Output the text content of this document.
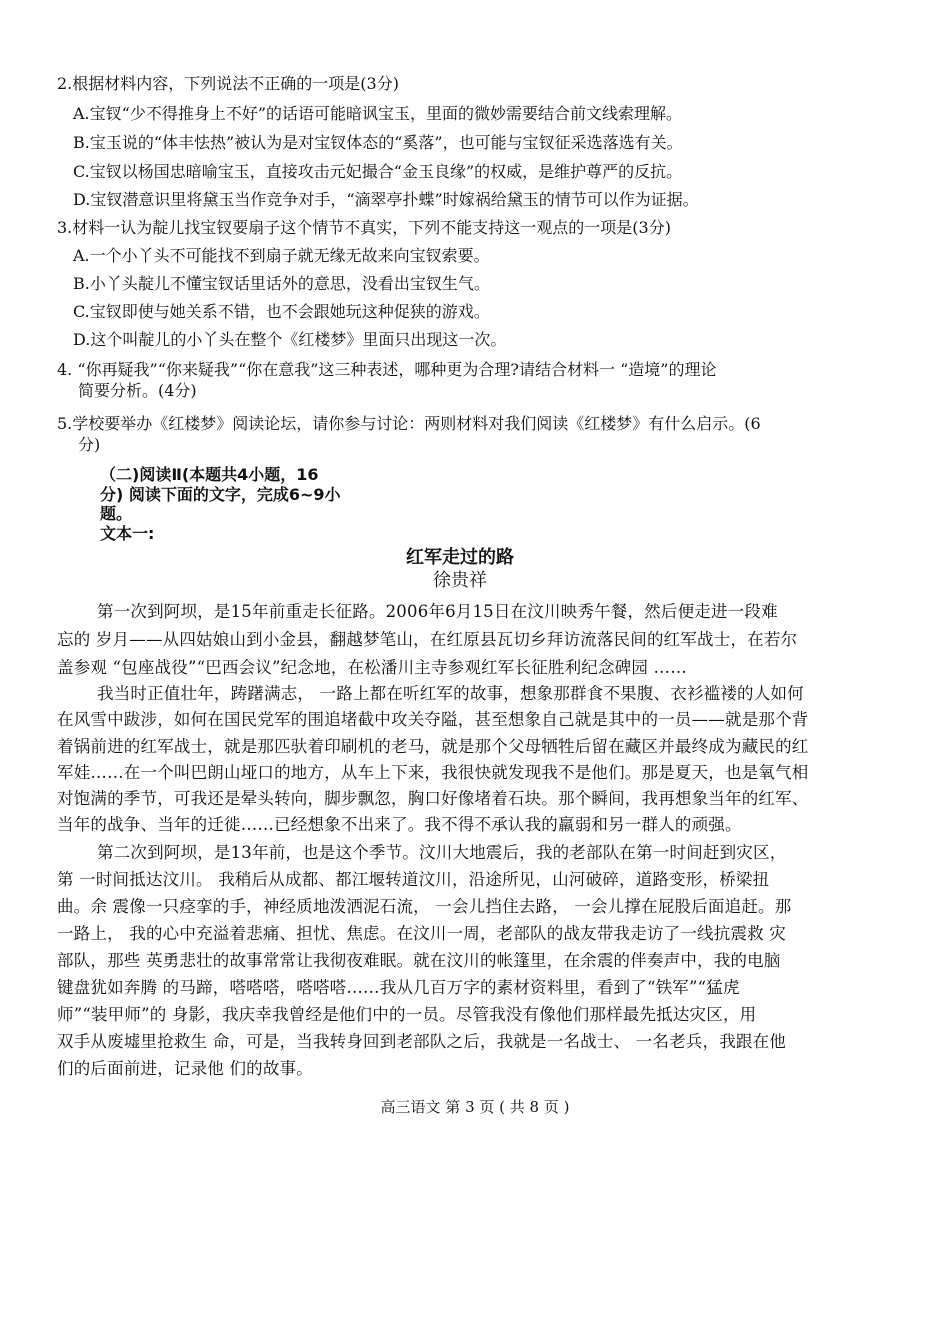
2.根据材料内容，下列说法不正确的一项是(3分)

A.宝钗“少不得推身上不好”的话语可能暗讽宝玉，里面的微妙需要结合前文线索理解。

B.宝玉说的“体丰怯热”被认为是对宝钗体态的“奚落”，也可能与宝钗征采选落选有关。

C.宝钗以杨国忠暗喻宝玉，直接攻击元妃撮合“金玉良缘”的权威，是维护尊严的反抗。

D.宝钗潜意识里将黛玉当作竞争对手，“滴翠亭扑蝶”时嫁祸给黛玉的情节可以作为证据。

3.材料一认为靛儿找宝钗要扇子这个情节不真实，下列不能支持这一观点的一项是(3分)

A.一个小丫头不可能找不到扇子就无缘无故来向宝钗索要。

B.小丫头靛儿不懂宝钗话里话外的意思，没看出宝钗生气。

C.宝钗即使与她关系不错，也不会跟她玩这种促狭的游戏。

D.这个叫靛儿的小丫头在整个《红楼梦》里面只出现这一次。

4. “你再疑我”“你来疑我”“你在意我”这三种表述，哪种更为合理?请结合材料一 “造境”的理论

简要分析。(4分)

5.学校要举办《红楼梦》阅读论坛，请你参与讨论：两则材料对我们阅读《红楼梦》有什么启示。(6

分)

（二)阅读Ⅱ(本题共4小题，16

分) 阅读下面的文字，完成6~9小

题。

文本一:

红军走过的路
徐贵祥

第一次到阿坝，是15年前重走长征路。2006年6月15日在汶川映秀午餐，然后便走进一段难

忘的 岁月——从四姑娘山到小金县，翻越梦笔山，在红原县瓦切乡拜访流落民间的红军战士，在若尔

盖参观 “包座战役”“巴西会议”纪念地，在松潘川主寺参观红军长征胜利纪念碑园 ……

我当时正值壮年，踌躇满志， 一路上都在听红军的故事，想象那群食不果腹、衣衫褴褛的人如何

在风雪中跋涉，如何在国民党军的围追堵截中攻关夺隘，甚至想象自己就是其中的一员——就是那个背

着锅前进的红军战士，就是那匹驮着印刷机的老马，就是那个父母牺牲后留在藏区并最终成为藏民的红

军娃……在一个叫巴朗山垭口的地方，从车上下来，我很快就发现我不是他们。那是夏天，也是氧气相

对饱满的季节，可我还是晕头转向，脚步飘忽，胸口好像堵着石块。那个瞬间，我再想象当年的红军、

当年的战争、当年的迁徙……已经想象不出来了。我不得不承认我的羸弱和另一群人的顽强。

第二次到阿坝，是13年前，也是这个季节。汶川大地震后，我的老部队在第一时间赶到灾区，

第 一时间抵达汶川。 我稍后从成都、都江堰转道汶川，沿途所见，山河破碎，道路变形，桥梁扭

曲。余 震像一只痉挛的手，神经质地泼洒泥石流， 一会儿挡住去路， 一会儿撑在屁股后面追赶。那

一路上， 我的心中充溢着悲痛、担忧、焦虑。在汶川一周，老部队的战友带我走访了一线抗震救 灾

部队，那些 英勇悲壮的故事常常让我彻夜难眠。就在汶川的帐篷里，在余震的伴奏声中，我的电脑

键盘犹如奔腾 的马蹄，嗒嗒嗒，嗒嗒嗒……我从几百万字的素材资料里，看到了“铁军”“猛虎

师”“装甲师”的 身影，我庆幸我曾经是他们中的一员。尽管我没有像他们那样最先抵达灾区，用

双手从废墟里抢救生 命，可是，当我转身回到老部队之后，我就是一名战士、 一名老兵，我跟在他

们的后面前进，记录他 们的故事。

高三语文 第 3 页 ( 共 8 页 )
